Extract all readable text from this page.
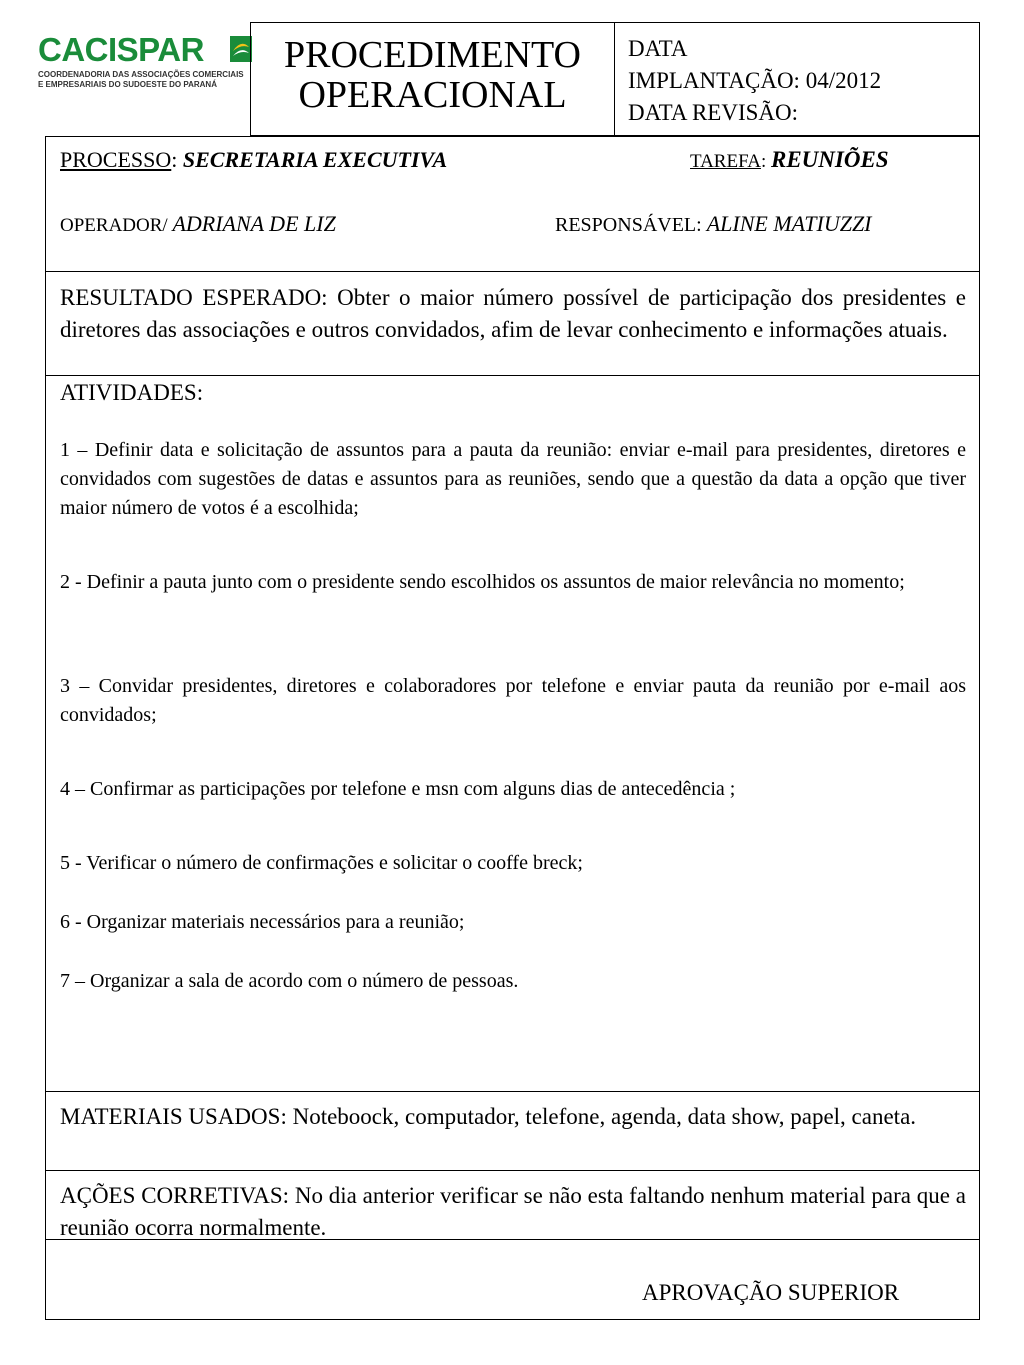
CACISPAR
COORDENADORIA DAS ASSOCIAÇÕES COMERCIAIS
E EMPRESARIAIS DO SUDOESTE DO PARANÁ
PROCEDIMENTO
OPERACIONAL
DATA
IMPLANTAÇÃO: 04/2012
DATA REVISÃO:
PROCESSO: SECRETARIA EXECUTIVA	TAREFA: REUNIÕES
OPERADOR/ ADRIANA DE LIZ	RESPONSÁVEL: ALINE MATIUZZI
RESULTADO ESPERADO: Obter o maior número possível de participação dos presidentes e diretores das associações e outros convidados, afim de levar conhecimento e informações atuais.
ATIVIDADES:
1 – Definir data e solicitação de assuntos para a pauta da reunião: enviar e-mail para presidentes, diretores e convidados com sugestões de datas e assuntos para as reuniões, sendo que a questão da data a opção que tiver maior número de votos é a escolhida;
2 - Definir a pauta junto com o presidente sendo escolhidos os assuntos de maior relevância no momento;
3 – Convidar presidentes, diretores e colaboradores por telefone e enviar pauta da reunião por e-mail aos convidados;
4 – Confirmar as participações por telefone e msn com alguns dias de antecedência ;
5 - Verificar o número de confirmações e solicitar o cooffe breck;
6 - Organizar materiais necessários para a reunião;
7 – Organizar a sala de acordo com o número de pessoas.
MATERIAIS USADOS: Noteboock, computador, telefone, agenda, data show, papel, caneta.
AÇÕES CORRETIVAS: No dia anterior verificar se não esta faltando nenhum material para que a reunião ocorra normalmente.
APROVAÇÃO SUPERIOR
